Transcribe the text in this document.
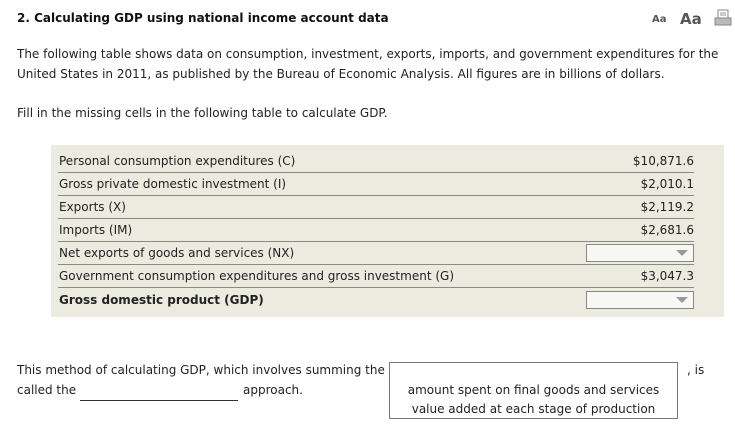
2. Calculating GDP using national income account data	Aa Aa
The following table shows data on consumption, investment, exports, imports, and government expenditures for the United States in 2011, as published by the Bureau of Economic Analysis. All figures are in billions of dollars.
Fill in the missing cells in the following table to calculate GDP.
Personal consumption expenditures (C)	$10,871.6
Gross private domestic investment (I)	$2,010.1
Exports (X)	$2,119.2
Imports (IM)	$2,681.6
Net exports of goods and services (NX)
Government consumption expenditures and gross investment (G)	$3,047.3
Gross domestic product (GDP)
This method of calculating GDP, which involves summing the
amount spent on final goods and services
value added at each stage of production
, is
called the	approach.
